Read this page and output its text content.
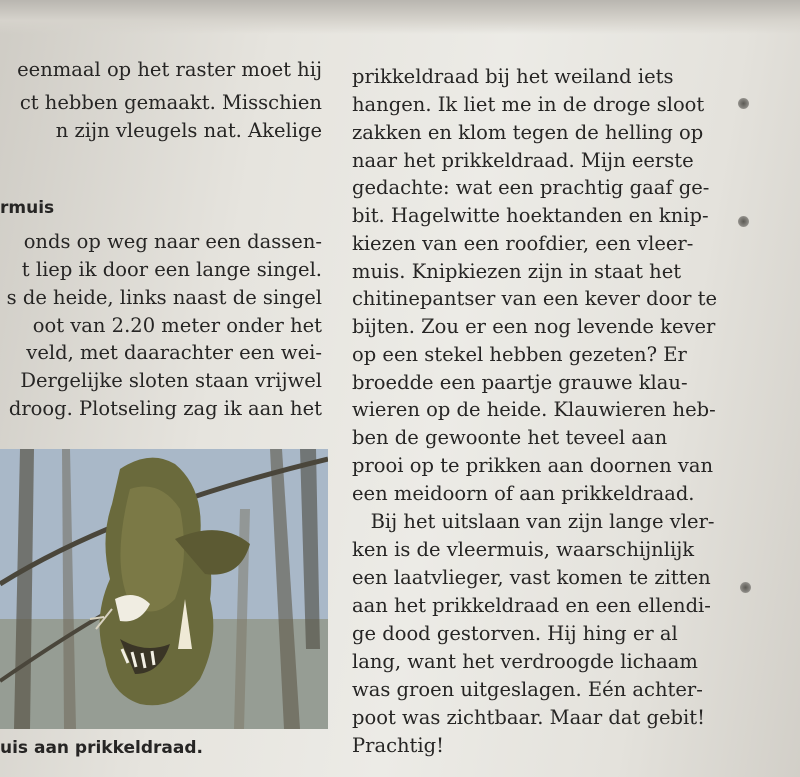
eenmaal op het raster moet hij
ct hebben gemaakt. Misschien
n zijn vleugels nat. Akelige
rmuis
onds op weg naar een dassen-
t liep ik door een lange singel.
s de heide, links naast de singel
oot van 2.20 meter onder het
veld, met daarachter een wei-
Dergelijke sloten staan vrijwel
droog. Plotseling zag ik aan het
uis aan prikkeldraad.
prikkeldraad bij het weiland iets
hangen. Ik liet me in de droge sloot
zakken en klom tegen de helling op
naar het prikkeldraad. Mijn eerste
gedachte: wat een prachtig gaaf ge-
bit. Hagelwitte hoektanden en knip-
kiezen van een roofdier, een vleer-
muis. Knipkiezen zijn in staat het
chitinepantser van een kever door te
bijten. Zou er een nog levende kever
op een stekel hebben gezeten? Er
broedde een paartje grauwe klau-
wieren op de heide. Klauwieren heb-
ben de gewoonte het teveel aan
prooi op te prikken aan doornen van
een meidoorn of aan prikkeldraad.
Bij het uitslaan van zijn lange vler-
ken is de vleermuis, waarschijnlijk
een laatvlieger, vast komen te zitten
aan het prikkeldraad en een ellendi-
ge dood gestorven. Hij hing er al
lang, want het verdroogde lichaam
was groen uitgeslagen. Eén achter-
poot was zichtbaar. Maar dat gebit!
Prachtig!
